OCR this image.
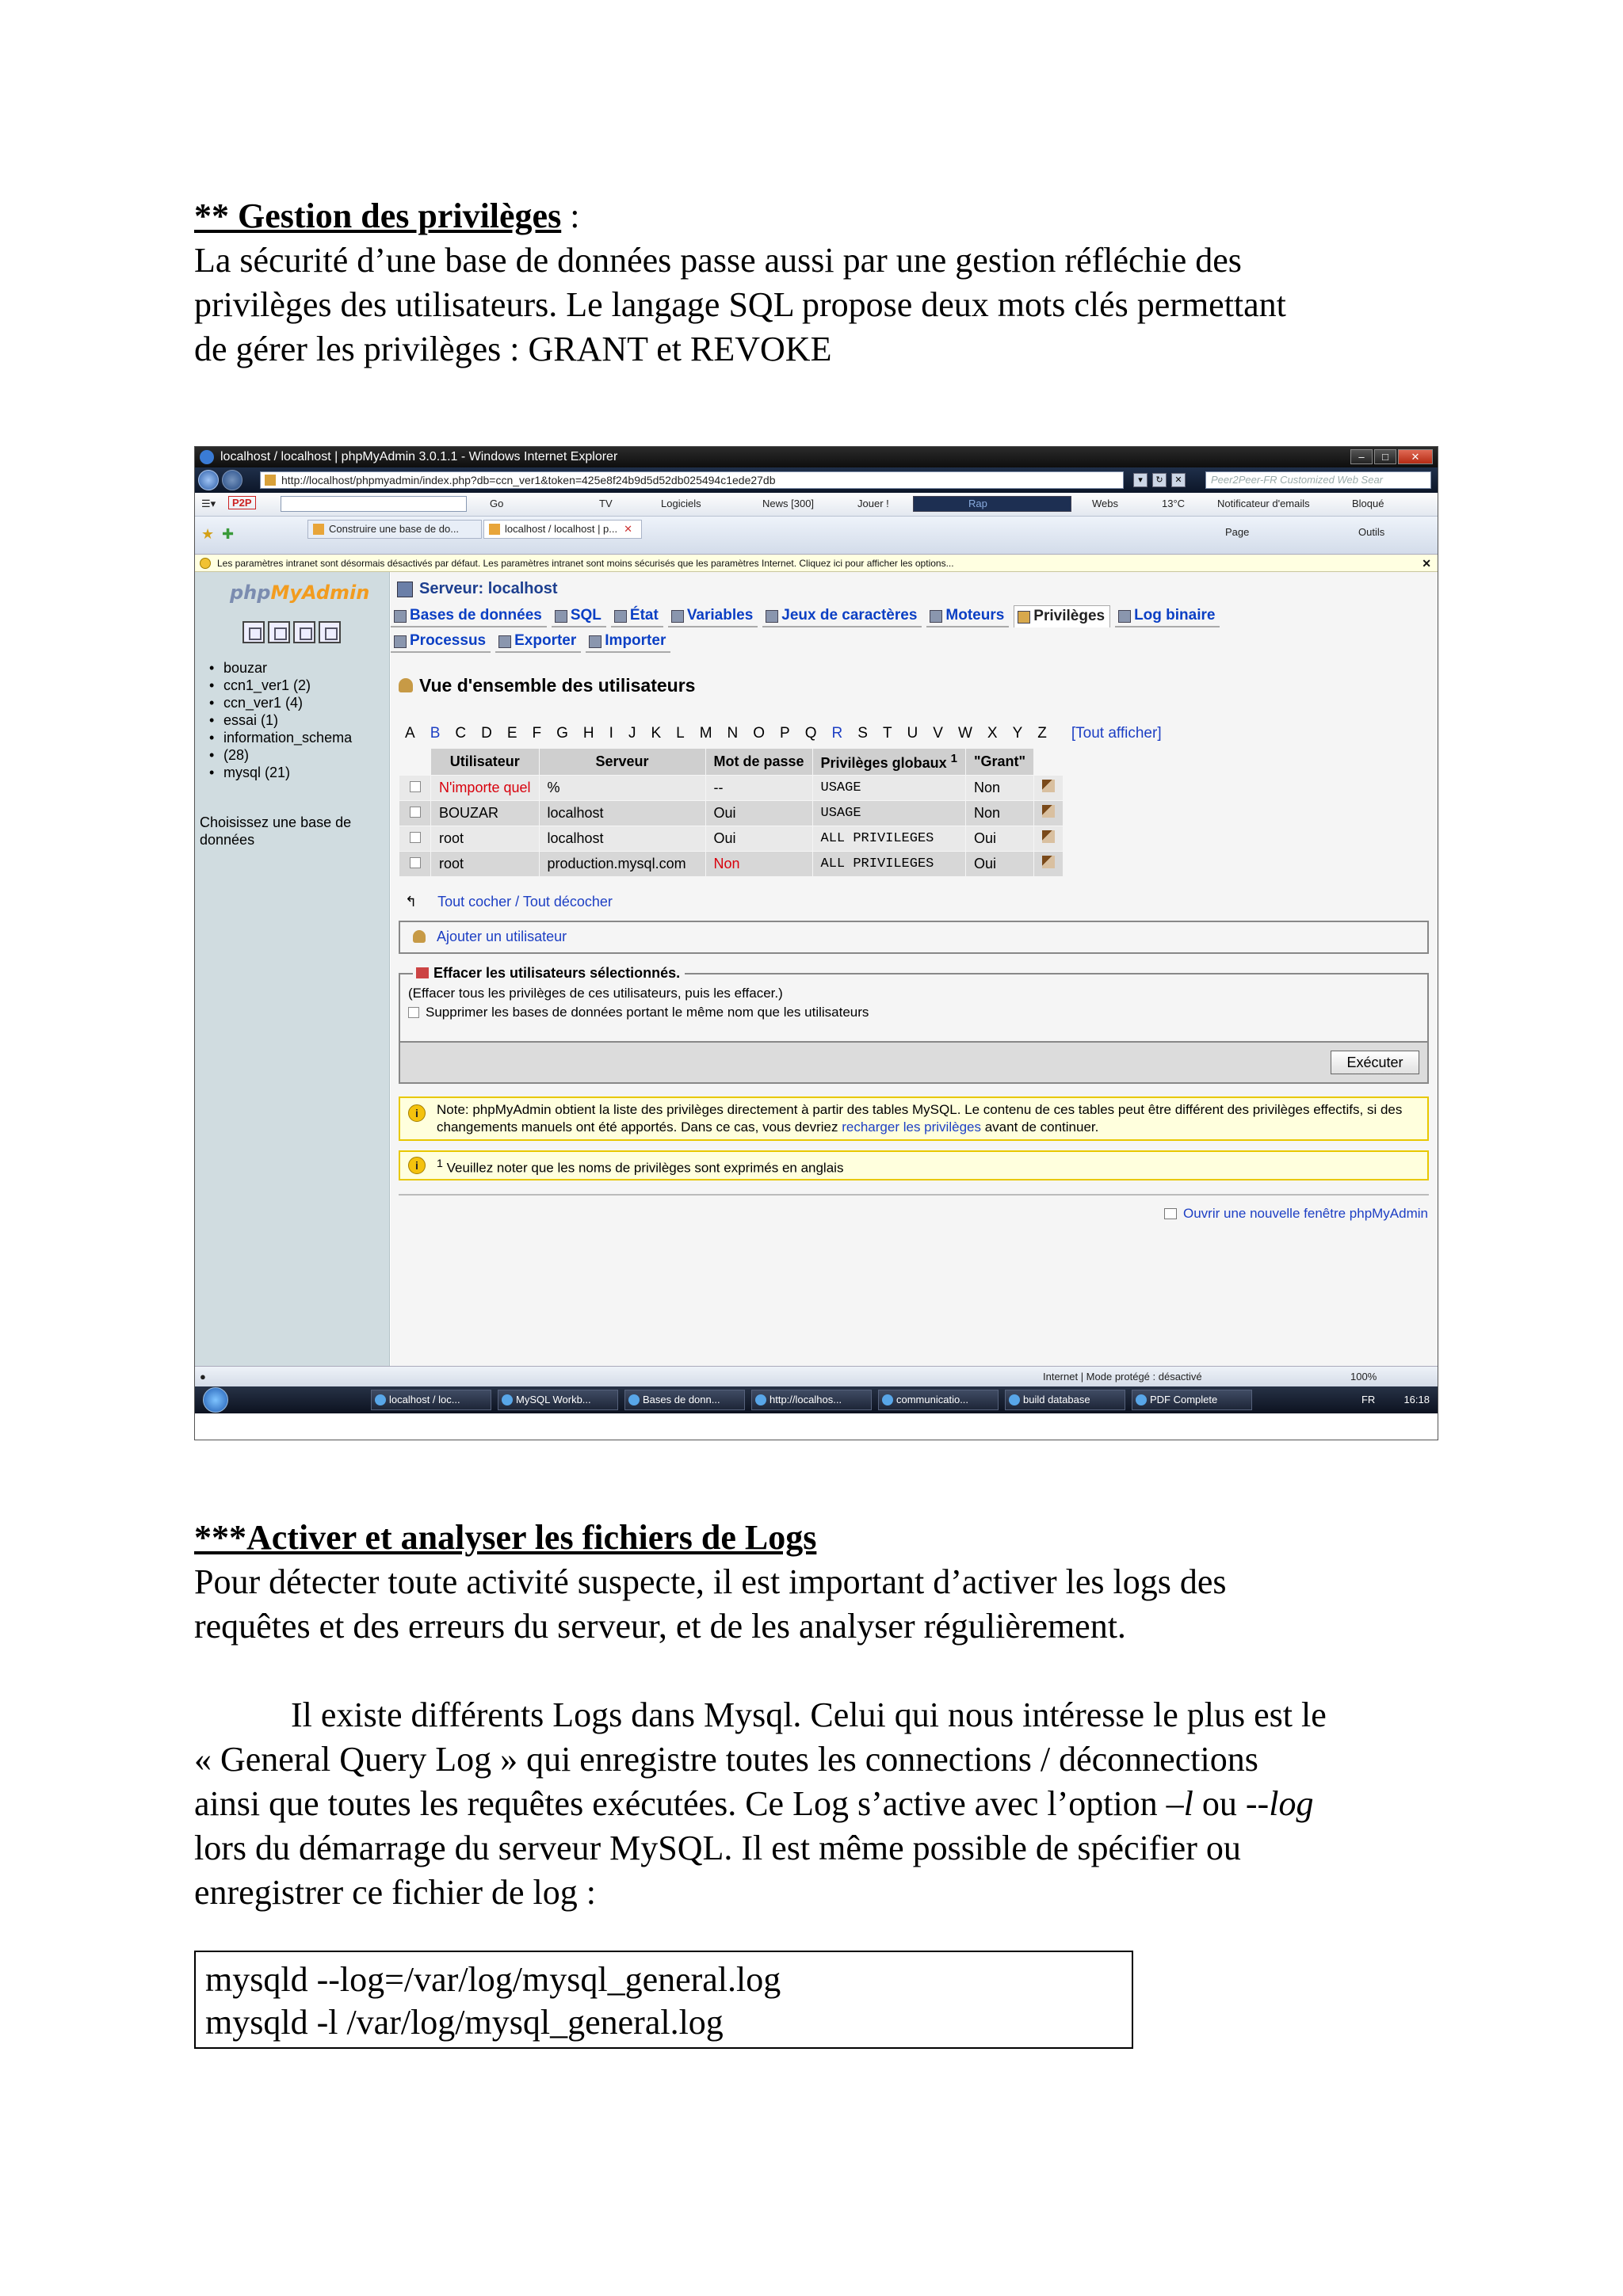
** Gestion des privilèges :
La sécurité d’une base de données passe aussi par une gestion réfléchie des
privilèges des utilisateurs. Le langage SQL propose deux mots clés permettant
de gérer les privilèges : GRANT et REVOKE
localhost / localhost | phpMyAdmin 3.0.1.1 - Windows Internet Explorer	–	□	✕
http://localhost/phpmyadmin/index.php?db=ccn_ver1&token=425e8f24b9d5d52db025494c1ede27db	▾	↻	✕	Peer2Peer-FR Customized Web Sear
☰▾	P2P	Go	TV	Logiciels	News [300]	Jouer !	Rap	Webs	13°C	Notificateur d'emails	Bloqué
★ ✚	Construire une base de do...	localhost / localhost | p... ✕	Page	Outils
Les paramètres intranet sont désormais désactivés par défaut. Les paramètres intranet sont moins sécurisés que les paramètres Internet. Cliquez ici pour afficher les options...	✕
phpMyAdmin
• bouzar
• ccn1_ver1 (2)
• ccn_ver1 (4)
• essai (1)
• information_schema
• (28)
• mysql (21)
Choisissez une base de données
Serveur: localhost
Bases de données	SQL	État	Variables	Jeux de caractères	Moteurs	Privilèges	Log binaire
Processus	Exporter	Importer
Vue d'ensemble des utilisateurs
A B C D E F G H I J K L M N O P Q R S T U V W X Y Z [Tout afficher]
	Utilisateur	Serveur	Mot de passe	Privilèges globaux $^1$	"Grant"	
	N'importe quel	%	--	USAGE	Non	
	BOUZAR	localhost	Oui	USAGE	Non	
	root	localhost	Oui	ALL PRIVILEGES	Oui	
	root	production.mysql.com	Non	ALL PRIVILEGES	Oui	
↰ Tout cocher / Tout décocher
Ajouter un utilisateur
Effacer les utilisateurs sélectionnés.
(Effacer tous les privilèges de ces utilisateurs, puis les effacer.)
Supprimer les bases de données portant le même nom que les utilisateurs
Exécuter
i	Note: phpMyAdmin obtient la liste des privilèges directement à partir des tables MySQL. Le contenu de ces tables peut être différent des privilèges effectifs, si des changements manuels ont été apportés. Dans ce cas, vous devriez recharger les privilèges avant de continuer.
i	$^1$ Veuillez noter que les noms de privilèges sont exprimés en anglais
Ouvrir une nouvelle fenêtre phpMyAdmin
●	Internet | Mode protégé : désactivé	100%
localhost / loc...	MySQL Workb...	Bases de donn...	http://localhos...	communicatio...	build database	PDF Complete	FR	16:18
***Activer et analyser les fichiers de Logs
Pour détecter toute activité suspecte, il est important d’activer les logs des
requêtes et des erreurs du serveur, et de les analyser régulièrement.
Il existe différents Logs dans Mysql. Celui qui nous intéresse le plus est le
« General Query Log » qui enregistre toutes les connections / déconnections
ainsi que toutes les requêtes exécutées. Ce Log s’active avec l’option –l ou --log
lors du démarrage du serveur MySQL. Il est même possible de spécifier ou
enregistrer ce fichier de log :
mysqld --log=/var/log/mysql_general.log
mysqld -l /var/log/mysql_general.log
